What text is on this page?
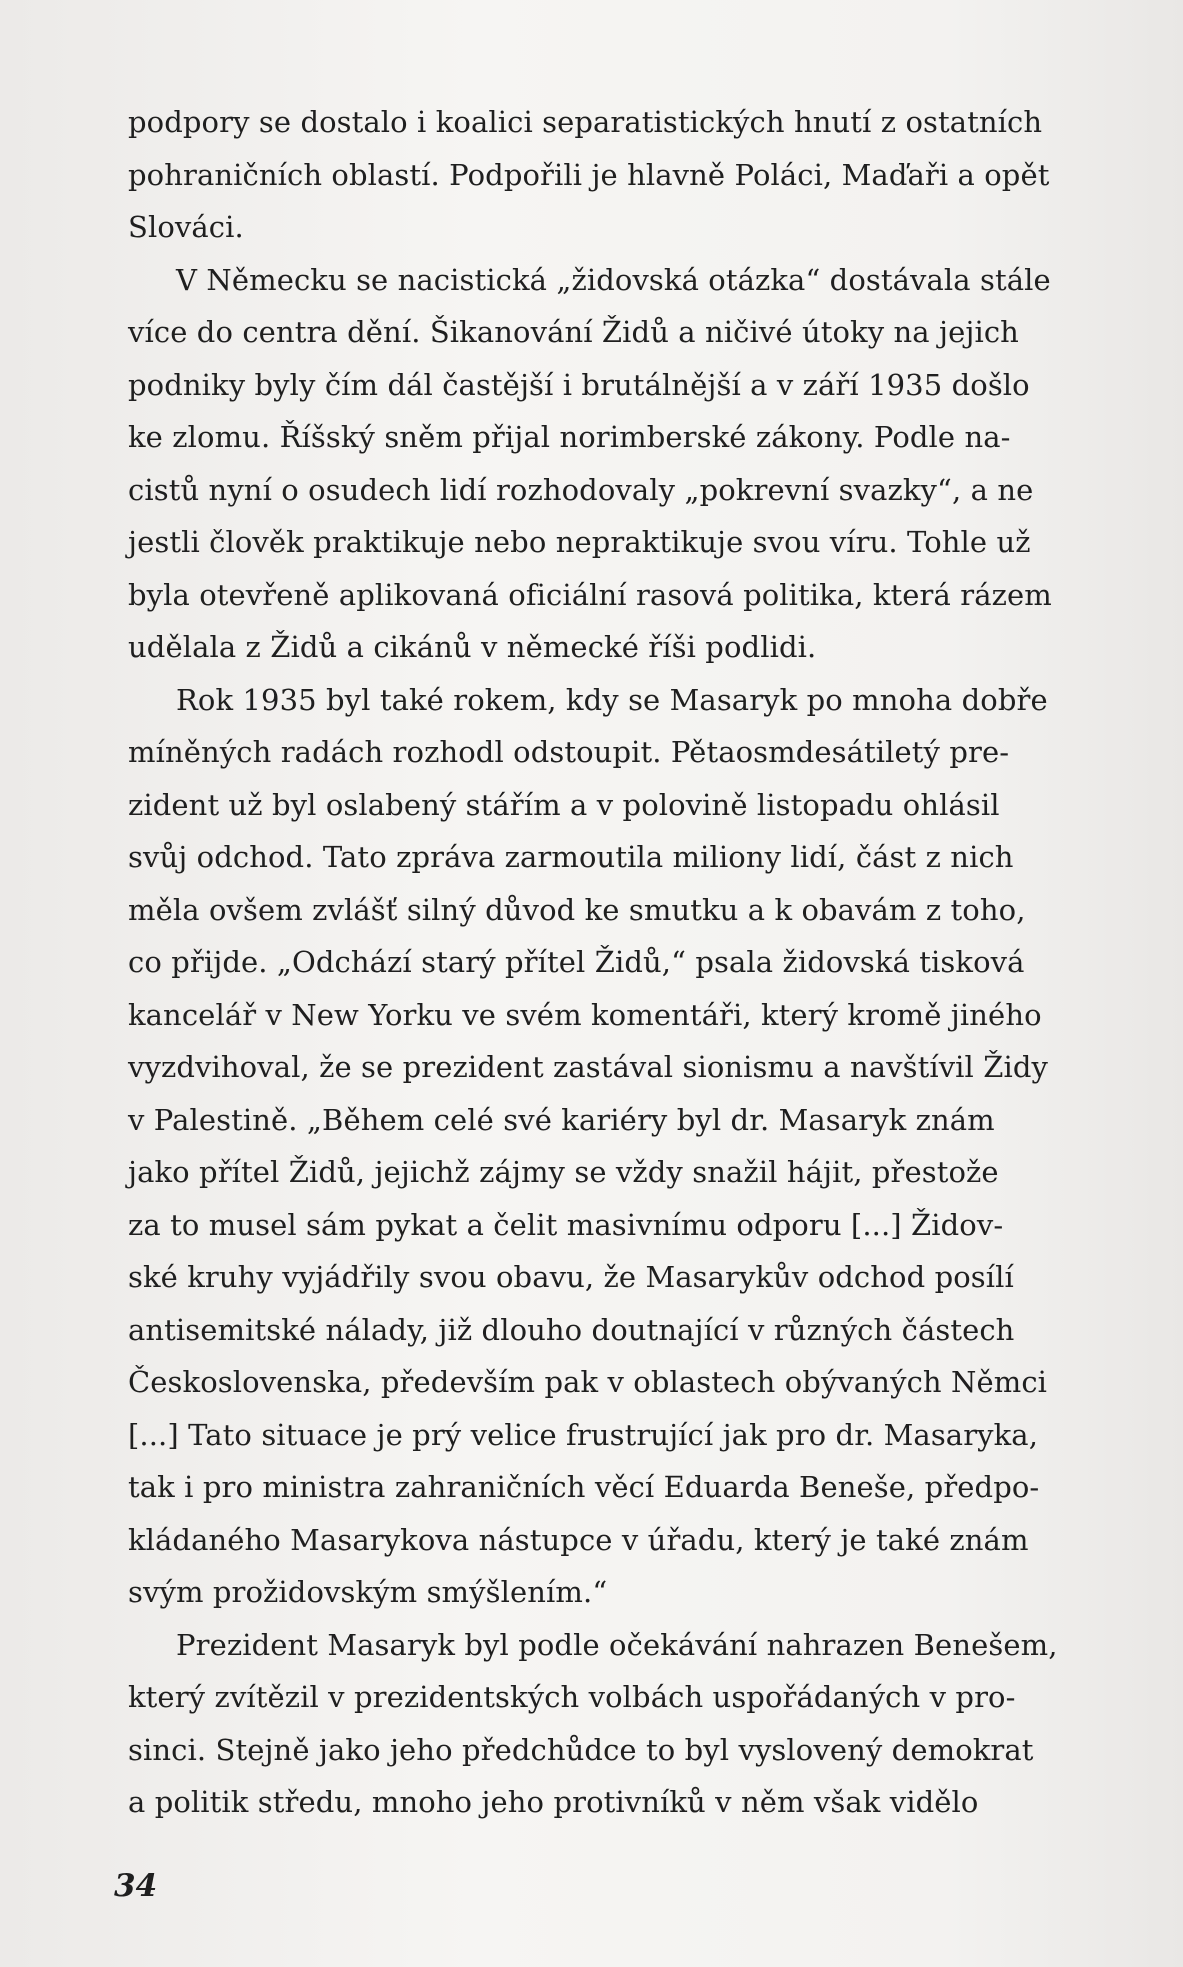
podpory se dostalo i koalici separatistických hnutí z ostatních
pohraničních oblastí. Podpořili je hlavně Poláci, Maďaři a opět
Slováci.
V Německu se nacistická „židovská otázka“ dostávala stále
více do centra dění. Šikanování Židů a ničivé útoky na jejich
podniky byly čím dál častější i brutálnější a v září 1935 došlo
ke zlomu. Říšský sněm přijal norimberské zákony. Podle na-
cistů nyní o osudech lidí rozhodovaly „pokrevní svazky“, a ne
jestli člověk praktikuje nebo nepraktikuje svou víru. Tohle už
byla otevřeně aplikovaná oficiální rasová politika, která rázem
udělala z Židů a cikánů v německé říši podlidi.
Rok 1935 byl také rokem, kdy se Masaryk po mnoha dobře
míněných radách rozhodl odstoupit. Pětaosmdesátiletý pre-
zident už byl oslabený stářím a v polovině listopadu ohlásil
svůj odchod. Tato zpráva zarmoutila miliony lidí, část z nich
měla ovšem zvlášť silný důvod ke smutku a k obavám z toho,
co přijde. „Odchází starý přítel Židů,“ psala židovská tisková
kancelář v New Yorku ve svém komentáři, který kromě jiného
vyzdvihoval, že se prezident zastával sionismu a navštívil Židy
v Palestině. „Během celé své kariéry byl dr. Masaryk znám
jako přítel Židů, jejichž zájmy se vždy snažil hájit, přestože
za to musel sám pykat a čelit masivnímu odporu [...] Židov-
ské kruhy vyjádřily svou obavu, že Masarykův odchod posílí
antisemitské nálady, již dlouho doutnající v různých částech
Československa, především pak v oblastech obývaných Němci
[...] Tato situace je prý velice frustrující jak pro dr. Masaryka,
tak i pro ministra zahraničních věcí Eduarda Beneše, předpo-
kládaného Masarykova nástupce v úřadu, který je také znám
svým prožidovským smýšlením.“
Prezident Masaryk byl podle očekávání nahrazen Benešem,
který zvítězil v prezidentských volbách uspořádaných v pro-
sinci. Stejně jako jeho předchůdce to byl vyslovený demokrat
a politik středu, mnoho jeho protivníků v něm však vidělo
34
